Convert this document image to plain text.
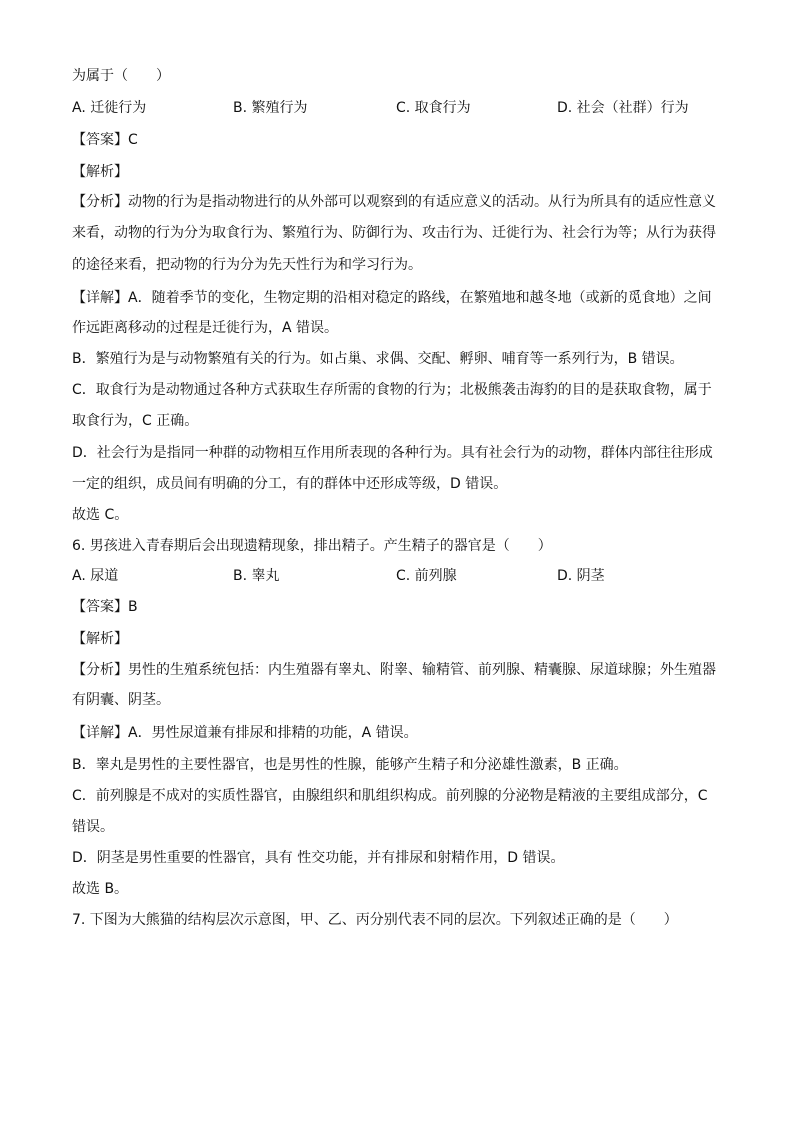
为属于（　　）
A. 迁徙行为	B. 繁殖行为	C. 取食行为	D. 社会（社群）行为
【答案】C
【解析】
【分析】动物的行为是指动物进行的从外部可以观察到的有适应意义的活动。从行为所具有的适应性意义
来看，动物的行为分为取食行为、繁殖行为、防御行为、攻击行为、迁徙行为、社会行为等；从行为获得
的途径来看，把动物的行为分为先天性行为和学习行为。
【详解】A．随着季节的变化，生物定期的沿相对稳定的路线，在繁殖地和越冬地（或新的觅食地）之间
作远距离移动的过程是迁徙行为，A 错误。
B．繁殖行为是与动物繁殖有关的行为。如占巢、求偶、交配、孵卵、哺育等一系列行为，B 错误。
C．取食行为是动物通过各种方式获取生存所需的食物的行为；北极熊袭击海豹的目的是获取食物，属于
取食行为，C 正确。
D．社会行为是指同一种群的动物相互作用所表现的各种行为。具有社会行为的动物，群体内部往往形成
一定的组织，成员间有明确的分工，有的群体中还形成等级，D 错误。
故选 C。
6. 男孩进入青春期后会出现遗精现象，排出精子。产生精子的器官是（　　）
A. 尿道	B. 睾丸	C. 前列腺	D. 阴茎
【答案】B
【解析】
【分析】男性的生殖系统包括：内生殖器有睾丸、附睾、输精管、前列腺、精囊腺、尿道球腺；外生殖器
有阴囊、阴茎。
【详解】A．男性尿道兼有排尿和排精的功能，A 错误。
B．睾丸是男性的主要性器官，也是男性的性腺，能够产生精子和分泌雄性激素，B 正确。
C．前列腺是不成对的实质性器官，由腺组织和肌组织构成。前列腺的分泌物是精液的主要组成部分，C
错误。
D．阴茎是男性重要的性器官，具有 性交功能，并有排尿和射精作用，D 错误。
故选 B。
7. 下图为大熊猫的结构层次示意图，甲、乙、丙分别代表不同的层次。下列叙述正确的是（　　）
